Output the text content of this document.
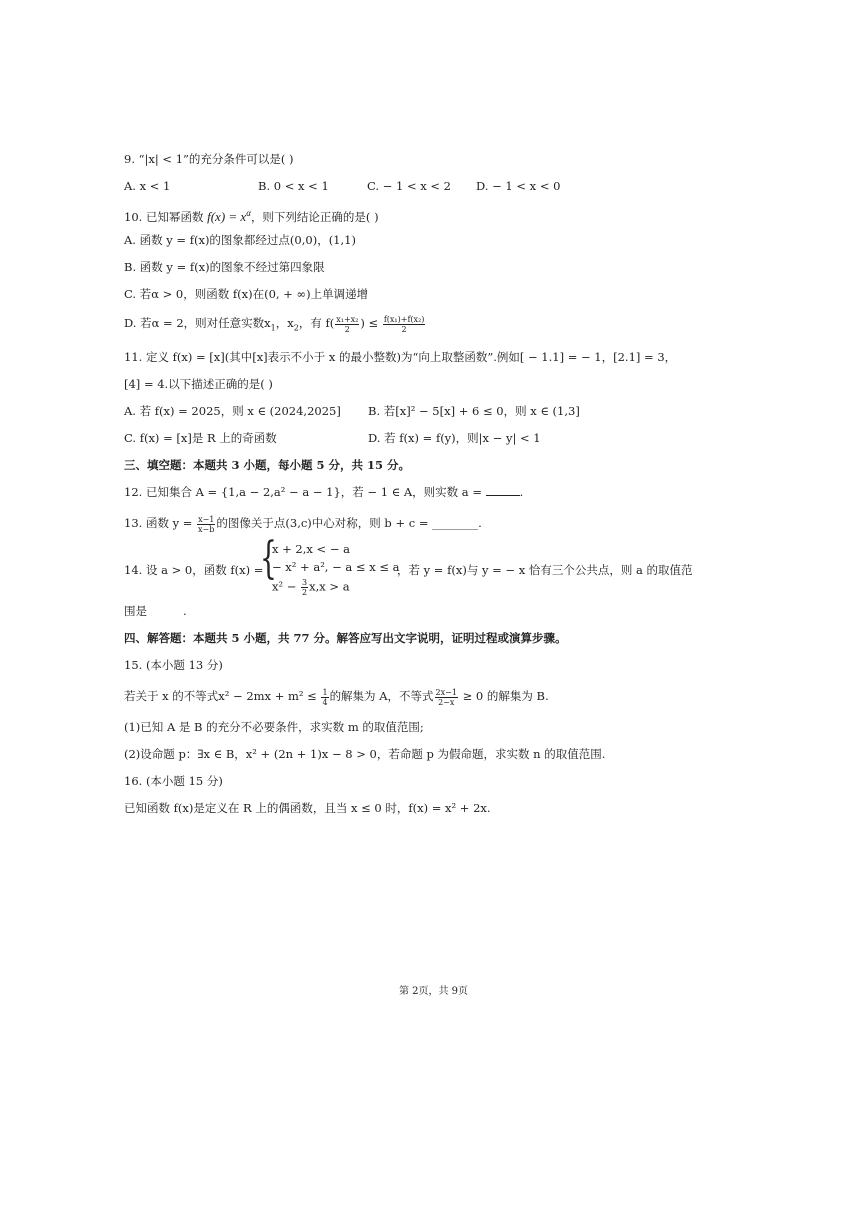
9. “|x| < 1”的充分条件可以是( )
A. x < 1	B. 0 < x < 1	C. − 1 < x < 2 D. − 1 < x < 0
10. 已知幂函数 $f(x) = x^\alpha$，则下列结论正确的是( )
A. 函数 y = f(x)的图象都经过点(0,0)，(1,1)
B. 函数 y = f(x)的图象不经过第四象限
C. 若α > 0，则函数 f(x)在(0, + ∞)上单调递增
D. 若α = 2，则对任意实数$x_1$，$x_2$，有 $f( \frac{\text{x₁+x₂}}{2}$ ) ≤ $\frac{\text{f(x₁)+f(x₂)}}{2}$
11. 定义 f(x) = [x](其中[x]表示不小于 x 的最小整数)为“向上取整函数”.例如[ − 1.1] = − 1，[2.1] = 3，
[4] = 4.以下描述正确的是( )
A. 若 f(x) = 2025，则 x ∈ (2024,2025] B. 若[x]² − 5[x] + 6 ≤ 0，则 x ∈ (1,3]
C. f(x) = [x]是 R 上的奇函数	D. 若 f(x) = f(y)，则|x − y| < 1
三、填空题：本题共 3 小题，每小题 5 分，共 15 分。
12. 已知集合 A = {1,a − 2,a² − a − 1}，若 − 1 ∈ A，则实数 a =	.
13. 函数 $y = \frac{x-1}{x-b}$ 的图像关于点(3,c)中心对称，则 b + c = ________.
14. 设 a > 0，函数 f(x) =
{
x + 2,x < − a
− x² + a², − a ≤ x ≤ a
$x^2 - \frac{3}{2} x,x > a$
，若 y = f(x)与 y = − x 恰有三个公共点，则 a 的取值范
围是	.
四、解答题：本题共 5 小题，共 77 分。解答应写出文字说明，证明过程或演算步骤。
15. (本小题 13 分)
若关于 x 的不等式$x^2 - 2mx + m^2 \le \frac{1}{4}$ 的解集为 A，不等式 $\frac{2x-1}{2-x} \ge 0$ 的解集为 B.
(1)已知 A 是 B 的充分不必要条件，求实数 m 的取值范围;
(2)设命题 p：∃x ∈ B，x² + (2n + 1)x − 8 > 0，若命题 p 为假命题，求实数 n 的取值范围.
16. (本小题 15 分)
已知函数 f(x)是定义在 R 上的偶函数，且当 x ≤ 0 时，f(x) = x² + 2x.
第 2页，共 9页
